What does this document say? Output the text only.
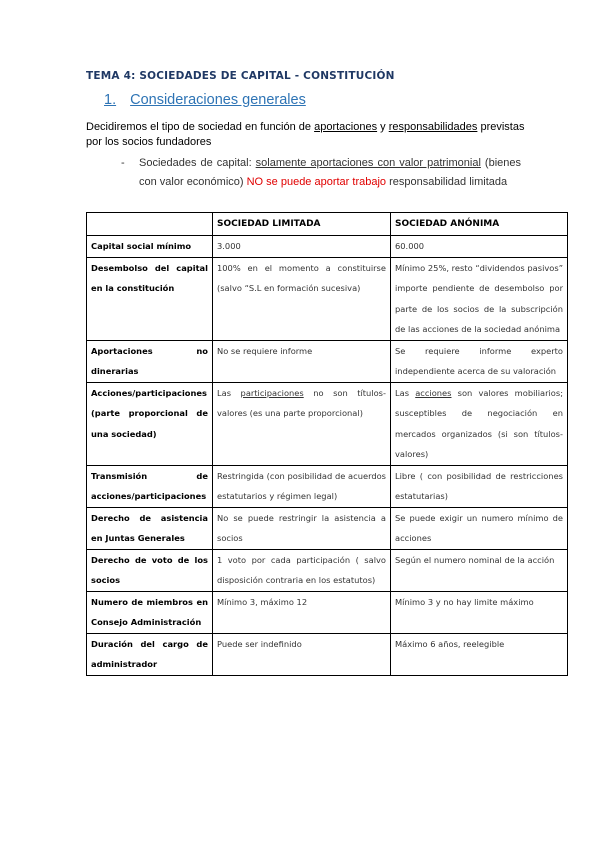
TEMA 4: SOCIEDADES DE CAPITAL - CONSTITUCIÓN
1. Consideraciones generales
Decidiremos el tipo de sociedad en función de aportaciones y responsabilidades previstas por los socios fundadores
- Sociedades de capital: solamente aportaciones con valor patrimonial (bienes con valor económico) NO se puede aportar trabajo responsabilidad limitada
	SOCIEDAD LIMITADA	SOCIEDAD ANÓNIMA
Capital social mínimo	3.000	60.000
Desembolso del capital en la constitución	100% en el momento a constituirse (salvo “S.L en formación sucesiva)	Mínimo 25%, resto “dividendos pasivos” importe pendiente de desembolso por parte de los socios de la subscripción de las acciones de la sociedad anónima
Aportaciones no dinerarias	No se requiere informe	Se requiere informe experto independiente acerca de su valoración
Acciones/participaciones (parte proporcional de una sociedad)	Las participaciones no son títulos-valores (es una parte proporcional)	Las acciones son valores mobiliarios; susceptibles de negociación en mercados organizados (si son títulos-valores)
Transmisión de acciones/participaciones	Restringida (con posibilidad de acuerdos estatutarios y régimen legal)	Libre ( con posibilidad de restricciones estatutarias)
Derecho de asistencia en Juntas Generales	No se puede restringir la asistencia a socios	Se puede exigir un numero mínimo de acciones
Derecho de voto de los socios	1 voto por cada participación ( salvo disposición contraria en los estatutos)	Según el numero nominal de la acción
Numero de miembros en Consejo Administración	Mínimo 3, máximo 12	Mínimo 3 y no hay limite máximo
Duración del cargo de administrador	Puede ser indefinido	Máximo 6 años, reelegible
